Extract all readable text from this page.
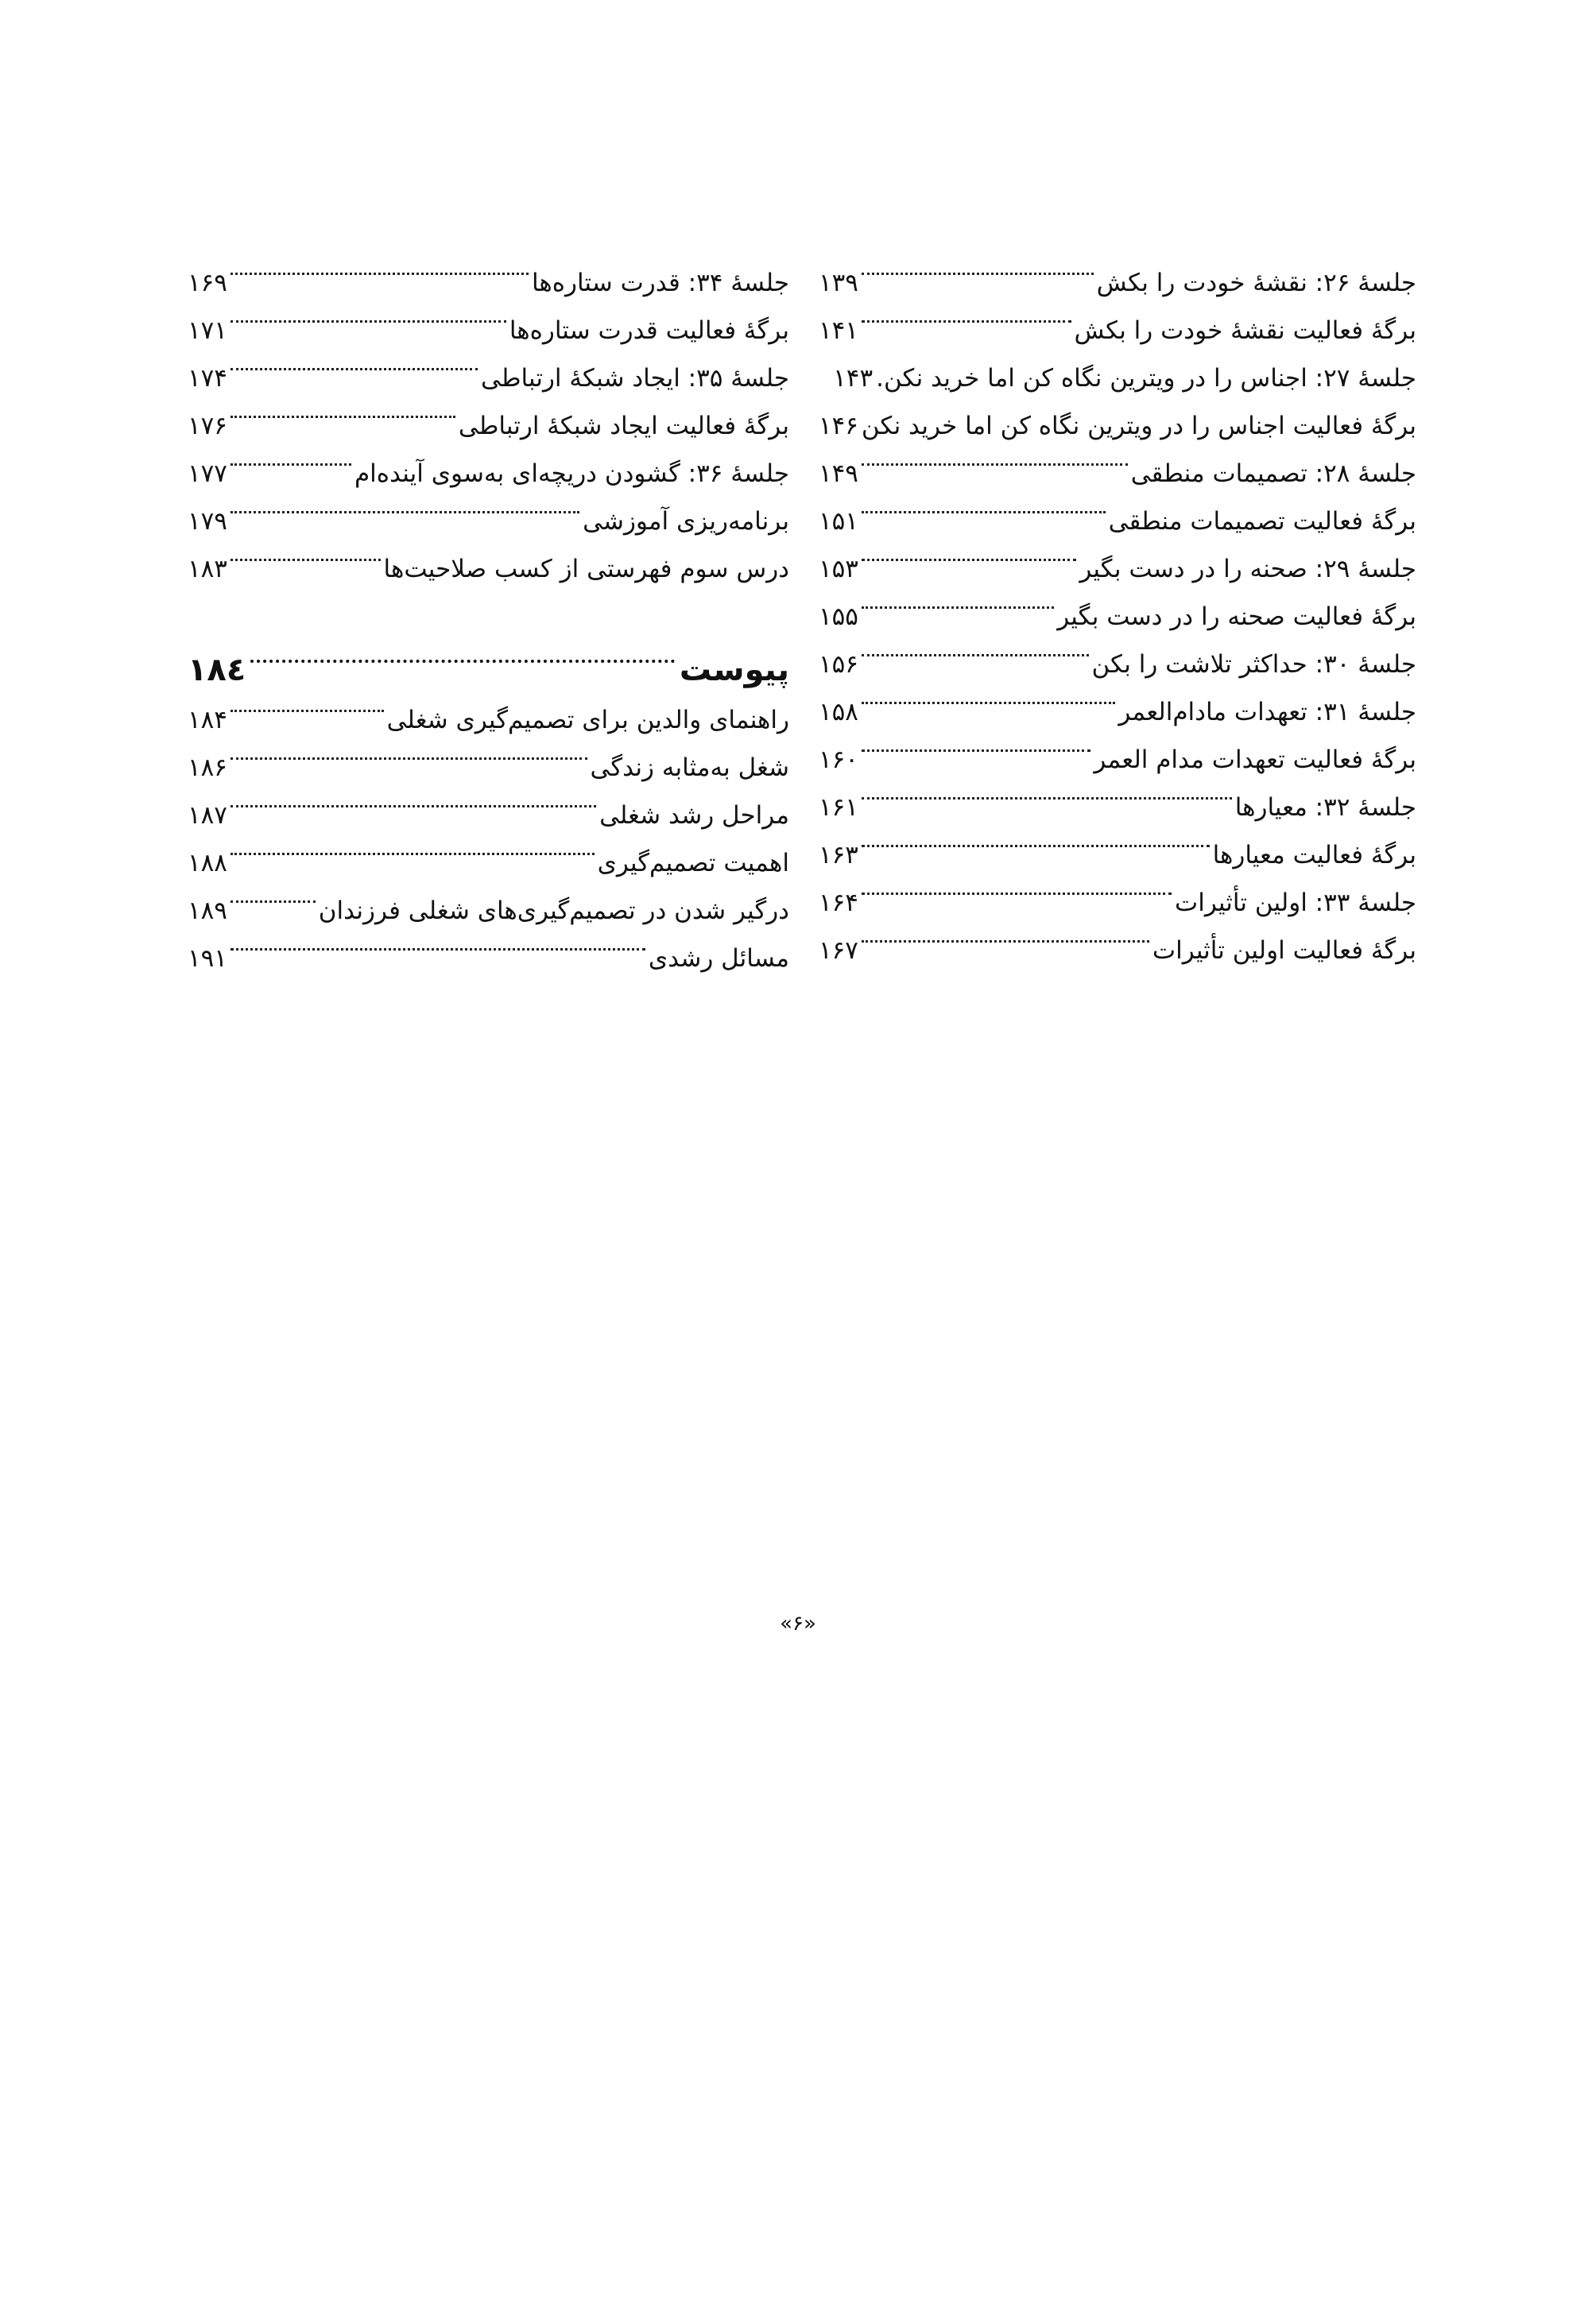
جلسهٔ ۲۶: نقشهٔ خودت را بکش
۱۳۹
برگهٔ فعالیت نقشهٔ خودت را بکش
۱۴۱
جلسهٔ ۲۷: اجناس را در ویترین نگاه کن اما خرید نکن.
۱۴۳
برگهٔ فعالیت اجناس را در ویترین نگاه کن اما خرید نکن
۱۴۶
جلسهٔ ۲۸: تصمیمات منطقی
۱۴۹
برگهٔ فعالیت تصمیمات منطقی
۱۵۱
جلسهٔ ۲۹: صحنه را در دست بگیر
۱۵۳
برگهٔ فعالیت صحنه را در دست بگیر
۱۵۵
جلسهٔ ۳۰: حداکثر تلاشت را بکن
۱۵۶
جلسهٔ ۳۱: تعهدات مادام‌العمر
۱۵۸
برگهٔ فعالیت تعهدات مدام العمر
۱۶۰
جلسهٔ ۳۲: معیارها
۱۶۱
برگهٔ فعالیت معیارها
۱۶۳
جلسهٔ ۳۳: اولین تأثیرات
۱۶۴
برگهٔ فعالیت اولین تأثیرات
۱۶۷
جلسهٔ ۳۴: قدرت ستاره‌ها
۱۶۹
برگهٔ فعالیت قدرت ستاره‌ها
۱۷۱
جلسهٔ ۳۵: ایجاد شبکهٔ ارتباطی
۱۷۴
برگهٔ فعالیت ایجاد شبکهٔ ارتباطی
۱۷۶
جلسهٔ ۳۶: گشودن دریچه‌ای به‌سوی آینده‌ام
۱۷۷
برنامه‌ریزی آموزشی
۱۷۹
درس سوم فهرستی از کسب صلاحیت‌ها
۱۸۳
پیوست
۱۸٤
راهنمای والدین برای تصمیم‌گیری شغلی
۱۸۴
شغل به‌مثابه زندگی
۱۸۶
مراحل رشد شغلی
۱۸۷
اهمیت تصمیم‌گیری
۱۸۸
درگیر شدن در تصمیم‌گیری‌های شغلی فرزندان
۱۸۹
مسائل رشدی
۱۹۱
«۶»
